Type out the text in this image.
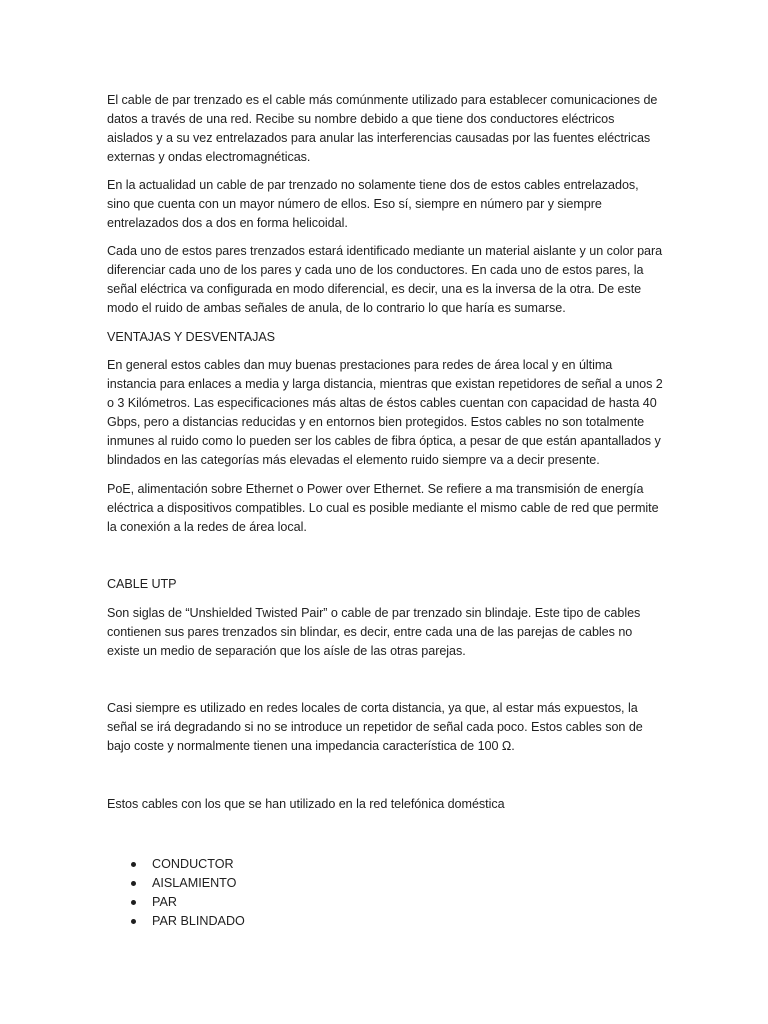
El cable de par trenzado es el cable más comúnmente utilizado para establecer comunicaciones de datos a través de una red. Recibe su nombre debido a que tiene dos conductores eléctricos aislados y a su vez entrelazados para anular las interferencias causadas por las fuentes eléctricas externas y ondas electromagnéticas.

En la actualidad un cable de par trenzado no solamente tiene dos de estos cables entrelazados, sino que cuenta con un mayor número de ellos. Eso sí, siempre en número par y siempre entrelazados dos a dos en forma helicoidal.

Cada uno de estos pares trenzados estará identificado mediante un material aislante y un color para diferenciar cada uno de los pares y cada uno de los conductores. En cada uno de estos pares, la señal eléctrica va configurada en modo diferencial, es decir, una es la inversa de la otra. De este modo el ruido de ambas señales de anula, de lo contrario lo que haría es sumarse.

VENTAJAS Y DESVENTAJAS

En general estos cables dan muy buenas prestaciones para redes de área local y en última instancia para enlaces a media y larga distancia, mientras que existan repetidores de señal a unos 2 o 3 Kilómetros. Las especificaciones más altas de éstos cables cuentan con capacidad de hasta 40 Gbps, pero a distancias reducidas y en entornos bien protegidos. Estos cables no son totalmente inmunes al ruido como lo pueden ser los cables de fibra óptica, a pesar de que están apantallados y blindados en las categorías más elevadas el elemento ruido siempre va a decir presente.

PoE, alimentación sobre Ethernet o Power over Ethernet. Se refiere a ma transmisión de energía eléctrica a dispositivos compatibles. Lo cual es posible mediante el mismo cable de red que permite la conexión a la redes de área local.

CABLE UTP

Son siglas de “Unshielded Twisted Pair” o cable de par trenzado sin blindaje. Este tipo de cables contienen sus pares trenzados sin blindar, es decir, entre cada una de las parejas de cables no existe un medio de separación que los aísle de las otras parejas.

Casi siempre es utilizado en redes locales de corta distancia, ya que, al estar más expuestos, la señal se irá degradando si no se introduce un repetidor de señal cada poco. Estos cables son de bajo coste y normalmente tienen una impedancia característica de 100 Ω.

Estos cables con los que se han utilizado en la red telefónica doméstica

CONDUCTOR
AISLAMIENTO
PAR
PAR BLINDADO
